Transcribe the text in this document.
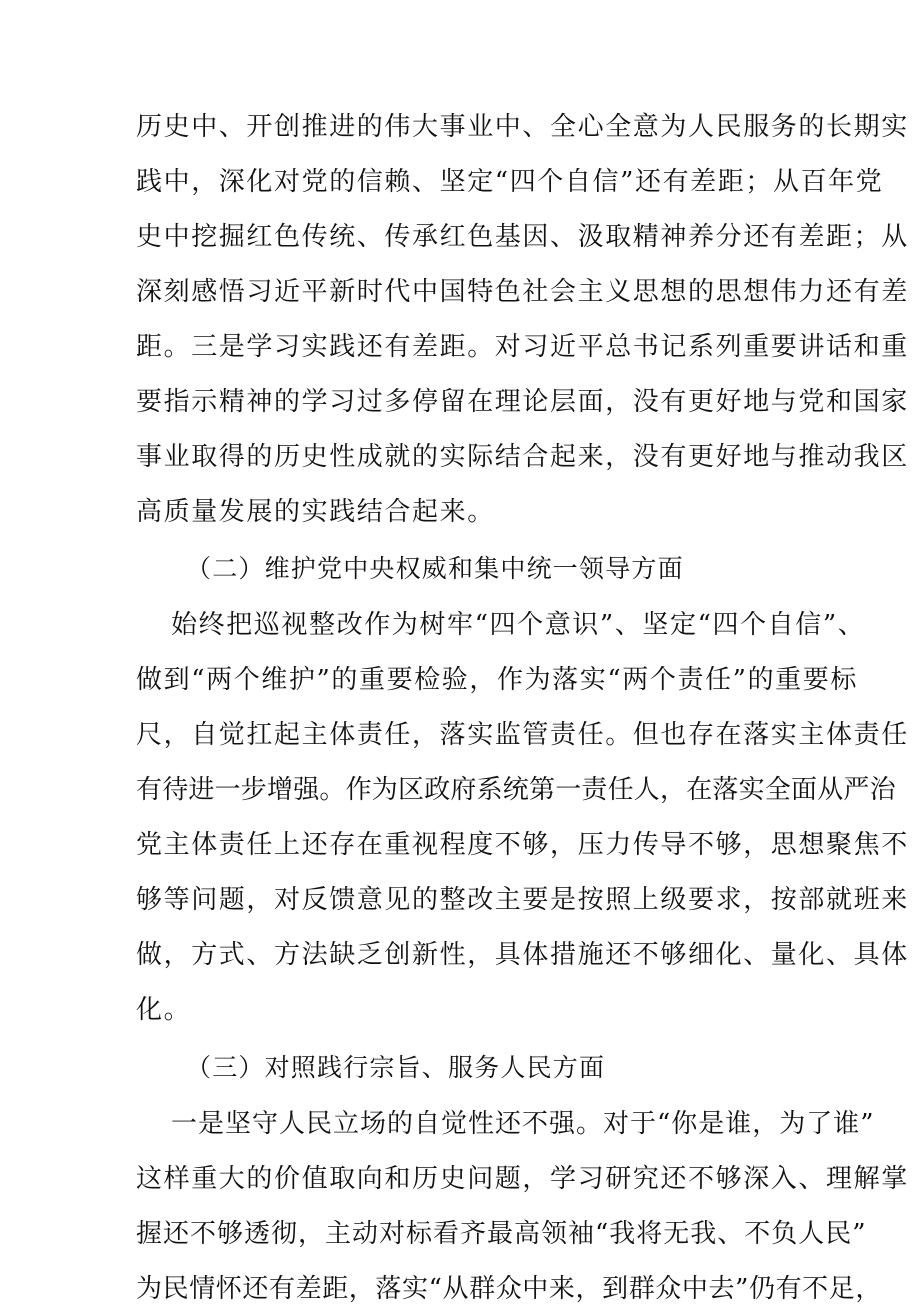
历史中、开创推进的伟大事业中、全心全意为人民服务的长期实
践中，深化对党的信赖、坚定“四个自信”还有差距；从百年党
史中挖掘红色传统、传承红色基因、汲取精神养分还有差距；从
深刻感悟习近平新时代中国特色社会主义思想的思想伟力还有差
距。三是学习实践还有差距。对习近平总书记系列重要讲话和重
要指示精神的学习过多停留在理论层面，没有更好地与党和国家
事业取得的历史性成就的实际结合起来，没有更好地与推动我区
高质量发展的实践结合起来。
（二）维护党中央权威和集中统一领导方面
始终把巡视整改作为树牢“四个意识”、坚定“四个自信”、
做到“两个维护”的重要检验，作为落实“两个责任”的重要标
尺，自觉扛起主体责任，落实监管责任。但也存在落实主体责任
有待进一步增强。作为区政府系统第一责任人，在落实全面从严治
党主体责任上还存在重视程度不够，压力传导不够，思想聚焦不
够等问题，对反馈意见的整改主要是按照上级要求，按部就班来
做，方式、方法缺乏创新性，具体措施还不够细化、量化、具体
化。
（三）对照践行宗旨、服务人民方面
一是坚守人民立场的自觉性还不强。对于“你是谁，为了谁”
这样重大的价值取向和历史问题，学习研究还不够深入、理解掌
握还不够透彻，主动对标看齐最高领袖“我将无我、不负人民”
为民情怀还有差距，落实“从群众中来，到群众中去”仍有不足，
